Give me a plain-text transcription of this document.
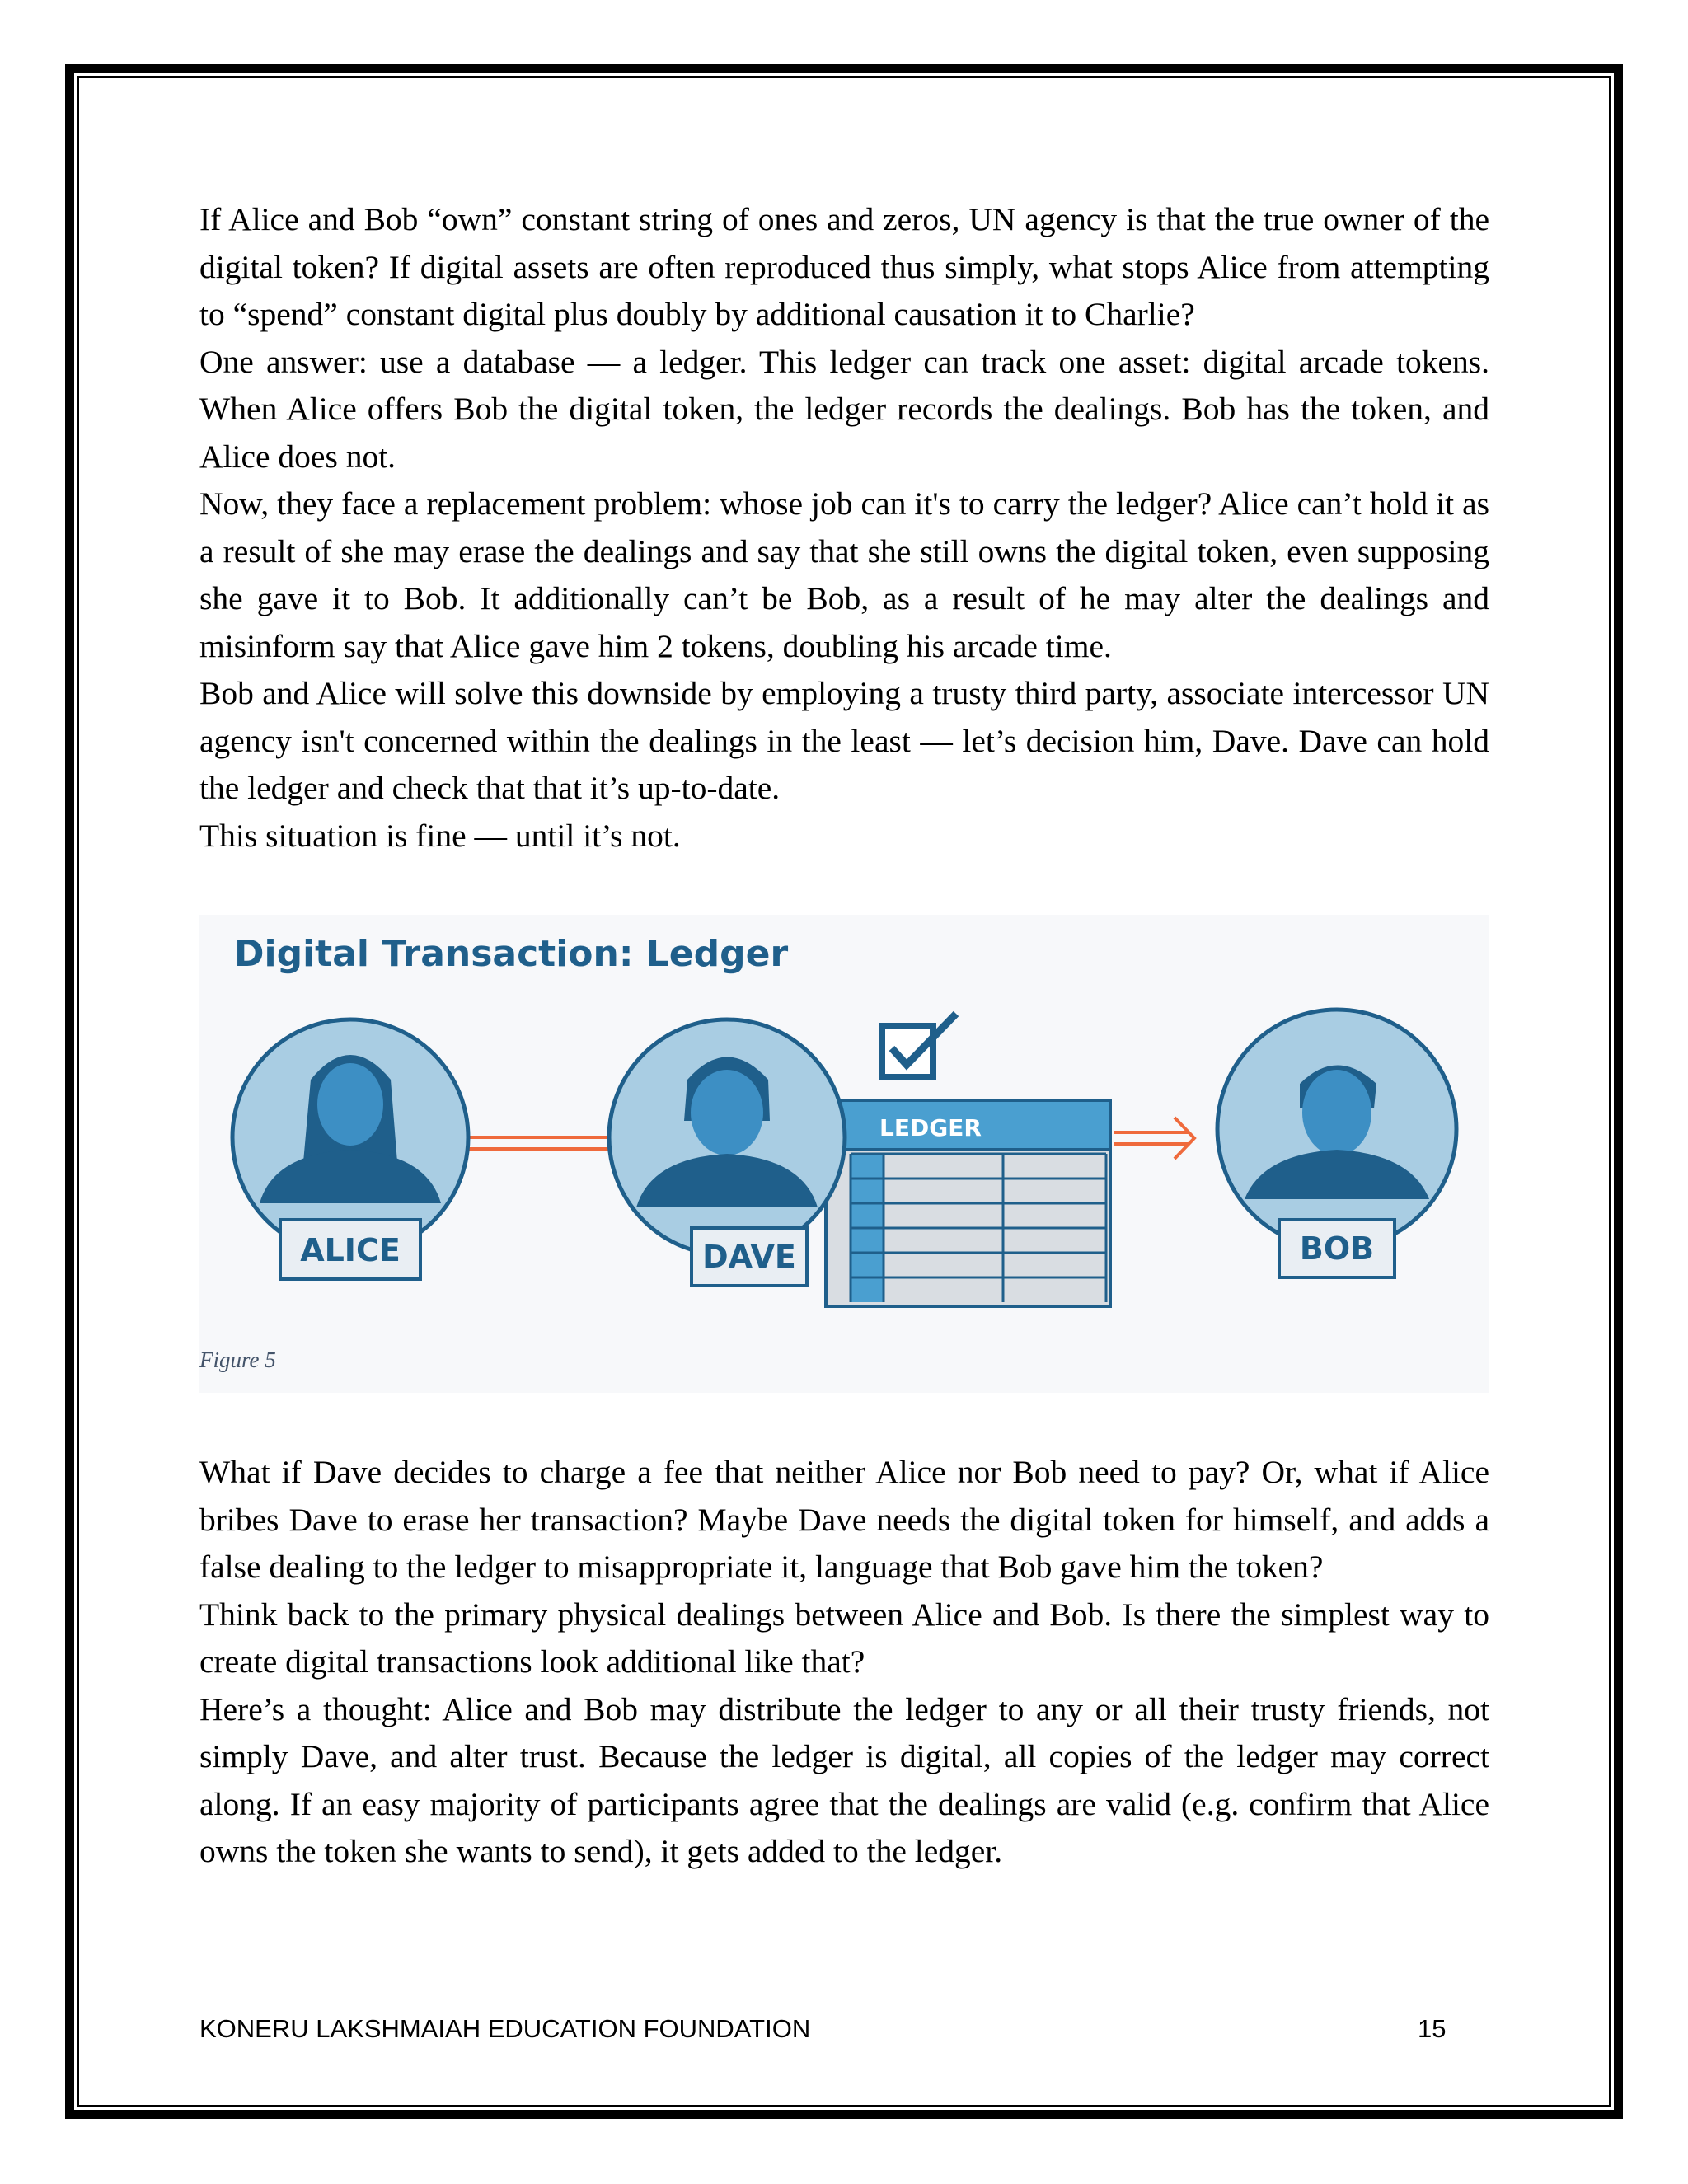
If Alice and Bob “own” constant string of ones and zeros, UN agency is that the true owner of the digital token? If digital assets are often reproduced thus simply, what stops Alice from attempting to “spend” constant digital plus doubly by additional causation it to Charlie?

One answer: use a database — a ledger. This ledger can track one asset: digital arcade tokens. When Alice offers Bob the digital token, the ledger records the dealings. Bob has the token, and Alice does not.

Now, they face a replacement problem: whose job can it's to carry the ledger? Alice can’t hold it as a result of she may erase the dealings and say that she still owns the digital token, even supposing she gave it to Bob. It additionally can’t be Bob, as a result of he may alter the dealings and misinform say that Alice gave him 2 tokens, doubling his arcade time.

Bob and Alice will solve this downside by employing a trusty third party, associate intercessor UN agency isn't concerned within the dealings in the least — let’s decision him, Dave. Dave can hold the ledger and check that that it’s up-to-date.

This situation is fine — until it’s not.

Digital Transaction: Ledger
ALICE
LEDGER
DAVE	BOB
Figure 5

What if Dave decides to charge a fee that neither Alice nor Bob need to pay? Or, what if Alice bribes Dave to erase her transaction? Maybe Dave needs the digital token for himself, and adds a false dealing to the ledger to misappropriate it, language that Bob gave him the token?

Think back to the primary physical dealings between Alice and Bob. Is there the simplest way to create digital transactions look additional like that?

Here’s a thought: Alice and Bob may distribute the ledger to any or all their trusty friends, not simply Dave, and alter trust. Because the ledger is digital, all copies of the ledger may correct along. If an easy majority of participants agree that the dealings are valid (e.g. confirm that Alice owns the token she wants to send), it gets added to the ledger.

KONERU LAKSHMAIAH EDUCATION FOUNDATION	15
